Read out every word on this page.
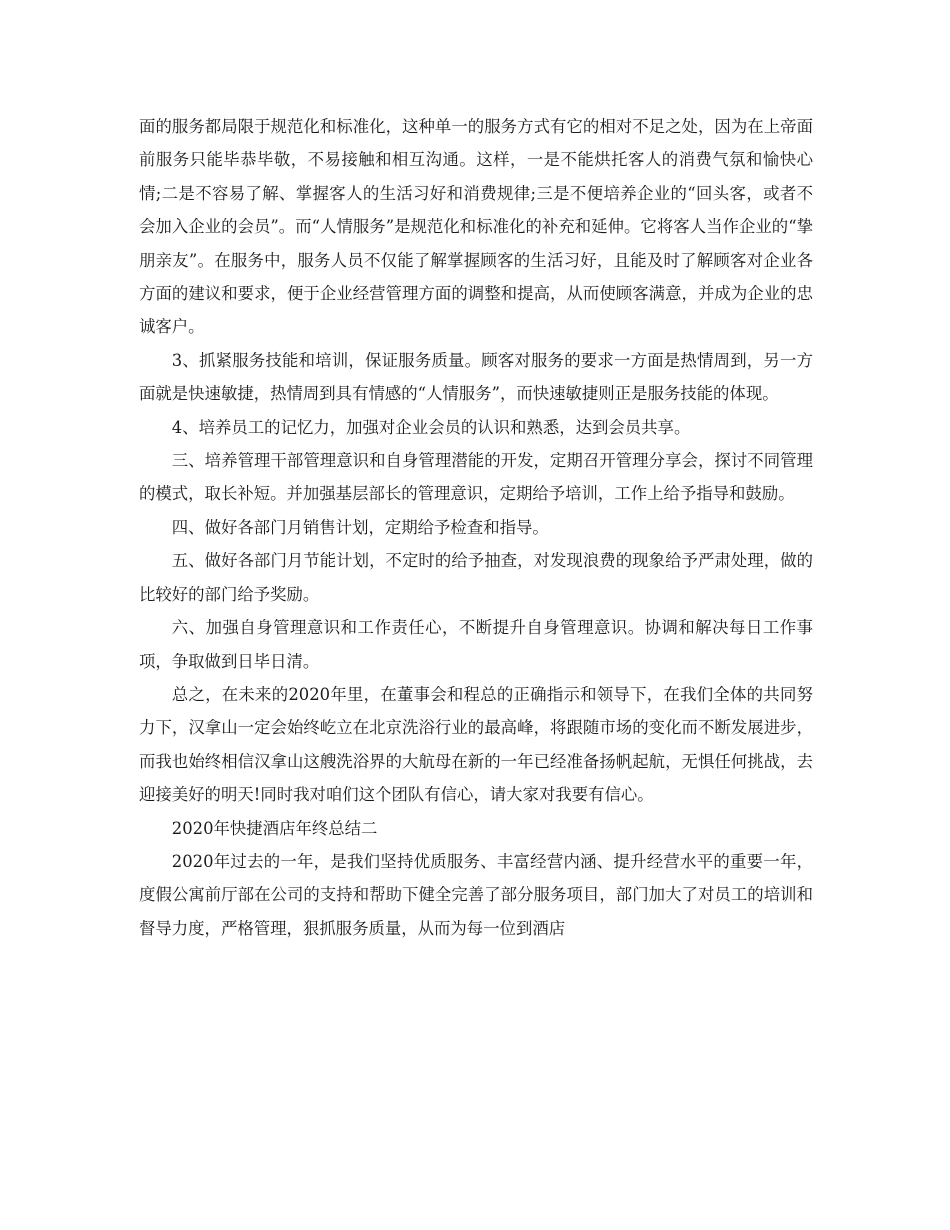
面的服务都局限于规范化和标准化，这种单一的服务方式有它的相对不足之处，因为在上帝面前服务只能毕恭毕敬，不易接触和相互沟通。这样，一是不能烘托客人的消费气氛和愉快心情;二是不容易了解、掌握客人的生活习好和消费规律;三是不便培养企业的“回头客，或者不会加入企业的会员”。而“人情服务”是规范化和标准化的补充和延伸。它将客人当作企业的“挚朋亲友”。在服务中，服务人员不仅能了解掌握顾客的生活习好，且能及时了解顾客对企业各方面的建议和要求，便于企业经营管理方面的调整和提高，从而使顾客满意，并成为企业的忠诚客户。

3、抓紧服务技能和培训，保证服务质量。顾客对服务的要求一方面是热情周到，另一方面就是快速敏捷，热情周到具有情感的“人情服务”，而快速敏捷则正是服务技能的体现。

4、培养员工的记忆力，加强对企业会员的认识和熟悉，达到会员共享。

三、培养管理干部管理意识和自身管理潜能的开发，定期召开管理分享会，探讨不同管理的模式，取长补短。并加强基层部长的管理意识，定期给予培训，工作上给予指导和鼓励。

四、做好各部门月销售计划，定期给予检查和指导。

五、做好各部门月节能计划，不定时的给予抽查，对发现浪费的现象给予严肃处理，做的比较好的部门给予奖励。

六、加强自身管理意识和工作责任心，不断提升自身管理意识。协调和解决每日工作事项，争取做到日毕日清。

总之，在未来的2020年里，在董事会和程总的正确指示和领导下，在我们全体的共同努力下，汉拿山一定会始终屹立在北京洗浴行业的最高峰，将跟随市场的变化而不断发展进步，而我也始终相信汉拿山这艘洗浴界的大航母在新的一年已经准备扬帆起航，无惧任何挑战，去迎接美好的明天!同时我对咱们这个团队有信心，请大家对我要有信心。

2020年快捷酒店年终总结二

2020年过去的一年，是我们坚持优质服务、丰富经营内涵、提升经营水平的重要一年，度假公寓前厅部在公司的支持和帮助下健全完善了部分服务项目，部门加大了对员工的培训和督导力度，严格管理，狠抓服务质量，从而为每一位到酒店
